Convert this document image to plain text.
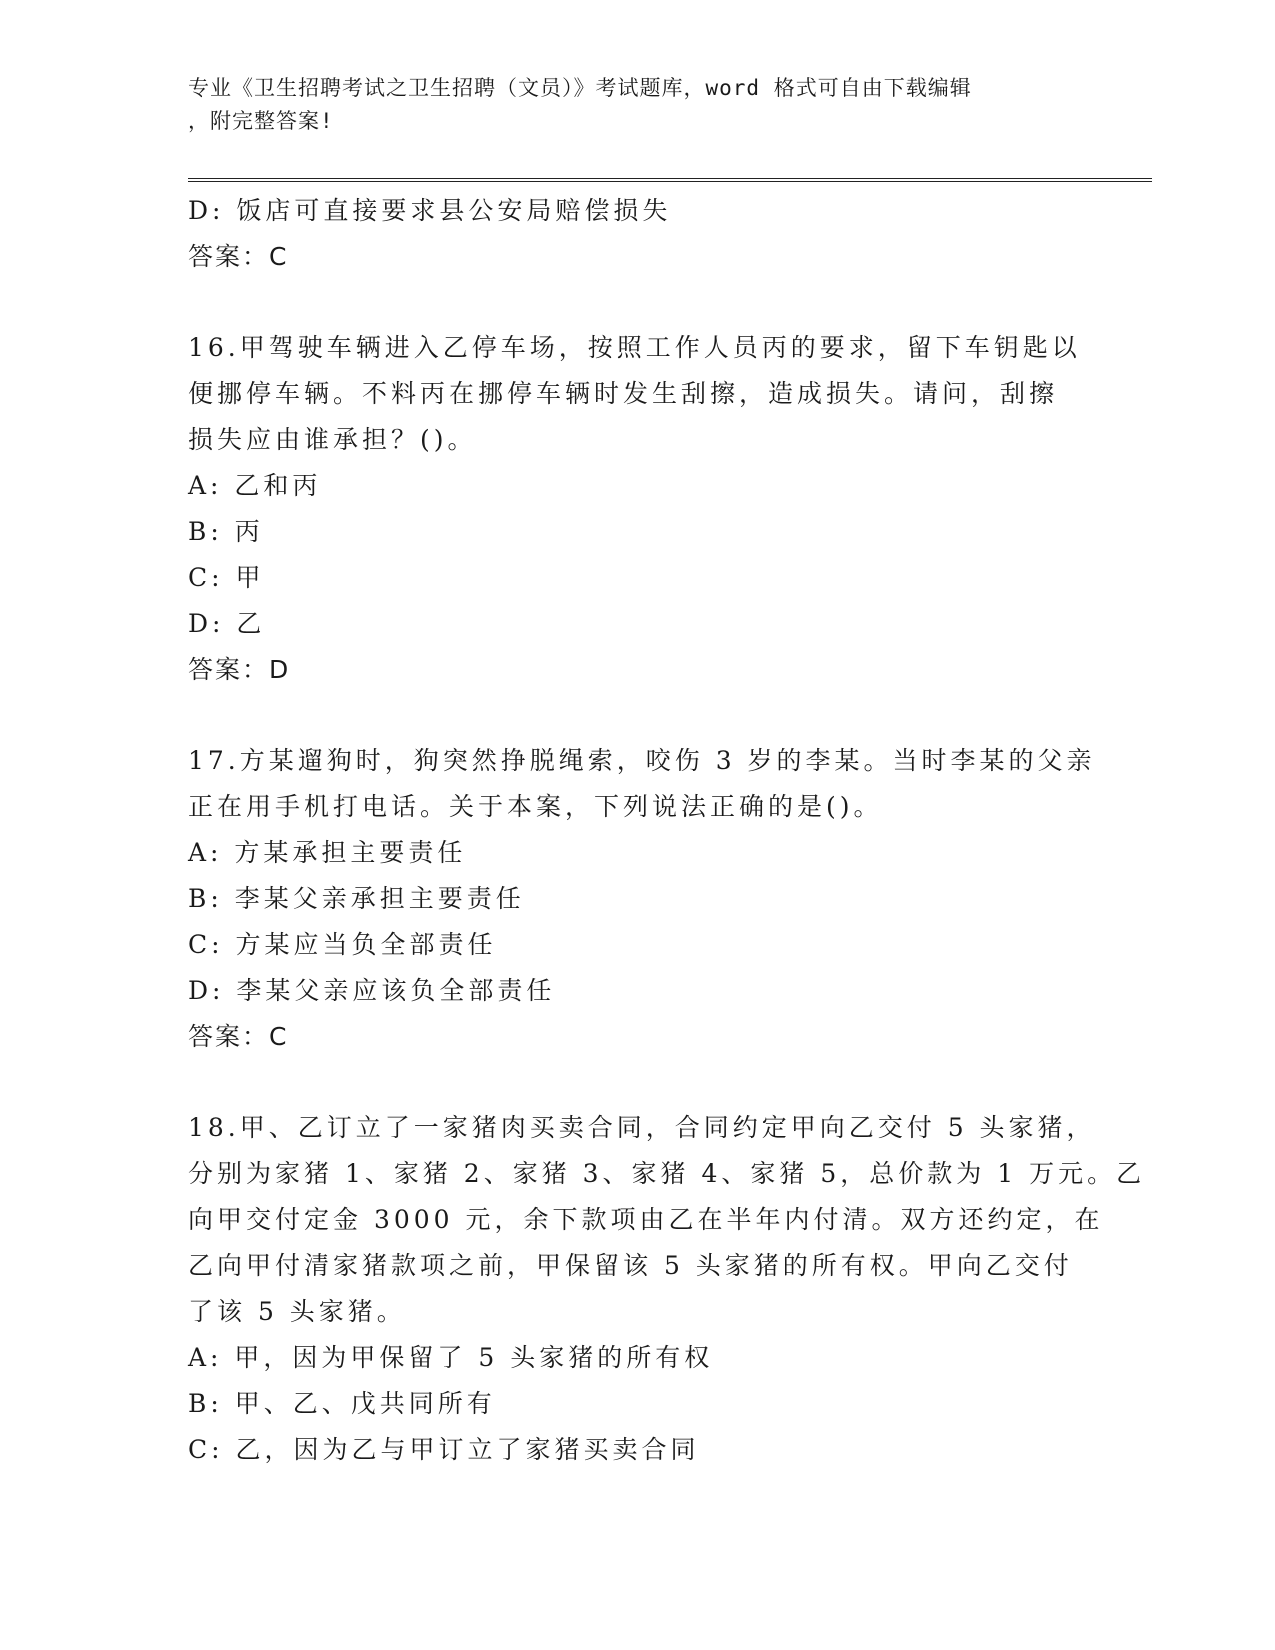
专业《卫生招聘考试之卫生招聘（文员）》考试题库，word 格式可自由下载编辑
，附完整答案!
D: 饭店可直接要求县公安局赔偿损失
答案：C
16.甲驾驶车辆进入乙停车场，按照工作人员丙的要求，留下车钥匙以
便挪停车辆。不料丙在挪停车辆时发生刮擦，造成损失。请问，刮擦
损失应由谁承担？()。
A: 乙和丙
B: 丙
C: 甲
D: 乙
答案：D
17.方某遛狗时，狗突然挣脱绳索，咬伤 3 岁的李某。当时李某的父亲
正在用手机打电话。关于本案，下列说法正确的是()。
A: 方某承担主要责任
B: 李某父亲承担主要责任
C: 方某应当负全部责任
D: 李某父亲应该负全部责任
答案：C
18.甲、乙订立了一家猪肉买卖合同，合同约定甲向乙交付 5 头家猪，
分别为家猪 1、家猪 2、家猪 3、家猪 4、家猪 5，总价款为 1 万元。乙
向甲交付定金 3000 元，余下款项由乙在半年内付清。双方还约定，在
乙向甲付清家猪款项之前，甲保留该 5 头家猪的所有权。甲向乙交付
了该 5 头家猪。
A: 甲，因为甲保留了 5 头家猪的所有权
B: 甲、乙、戊共同所有
C: 乙，因为乙与甲订立了家猪买卖合同
